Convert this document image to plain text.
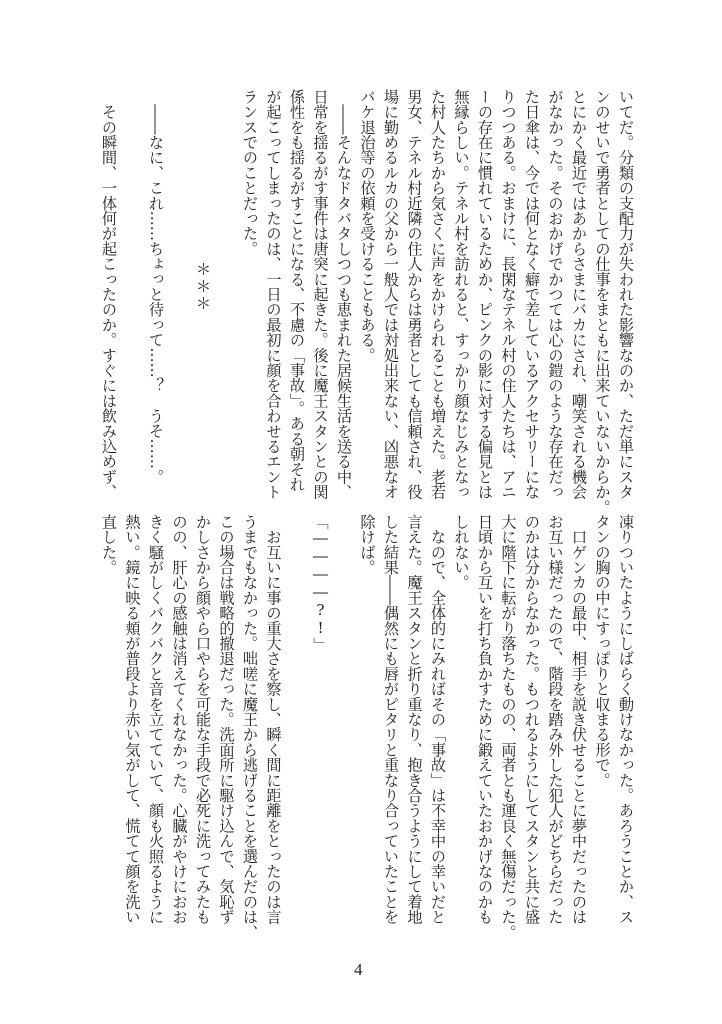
いてだ。分類の支配力が失われた影響なのか、ただ単にスタ
ンのせいで勇者としての仕事をまともに出来ていないからか。
とにかく最近ではあからさまにバカにされ、嘲笑される機会
がなかった。そのおかげでかつては心の鎧のような存在だっ
た日傘は、今では何となく癖で差しているアクセサリーにな
りつつある。おまけに、長閑なテネル村の住人たちは、アニ
ーの存在に慣れているためか、ピンクの影に対する偏見とは
無縁らしい。テネル村を訪れると、すっかり顔なじみとなっ
た村人たちから気さくに声をかけられることも増えた。老若
男女、テネル村近隣の住人からは勇者としても信頼され、役
場に勤めるルカの父から一般人では対処出来ない、凶悪なオ
バケ退治等の依頼を受けることもある。
　――そんなドタバタしつつも恵まれた居候生活を送る中、
日常を揺るがす事件は唐突に起きた。後に魔王スタンとの関
係性をも揺るがすことになる、不慮の「事故」。ある朝それ
が起こってしまったのは、一日の最初に顔を合わせるエント
ランスでのことだった。
＊＊＊
　――なに、これ……ちょっと待って……？　うそ……。
　その瞬間、一体何が起こったのか。すぐには飲み込めず、
凍りついたようにしばらく動けなかった。あろうことか、ス
タンの胸の中にすっぽりと収まる形で。
　口ゲンカの最中、相手を説き伏せることに夢中だったのは
お互い様だったので、階段を踏み外した犯人がどちらだった
のかは分からなかった。もつれるようにしてスタンと共に盛
大に階下に転がり落ちたものの、両者とも運良く無傷だった。
日頃から互いを打ち負かすために鍛えていたおかげなのかも
しれない。
　なので、全体的にみればその「事故」は不幸中の幸いだと
言えた。魔王スタンと折り重なり、抱き合うようにして着地
した結果――偶然にも唇がピタリと重なり合っていたことを
除けば。
「――――?!」
　お互いに事の重大さを察し、瞬く間に距離をとったのは言
うまでもなかった。咄嗟に魔王から逃げることを選んだのは、
この場合は戦略的撤退だった。洗面所に駆け込んで、気恥ず
かしさから顔やら口やらを可能な手段で必死に洗ってみたも
のの、肝心の感触は消えてくれなかった。心臓がやけにおお
きく騒がしくバクバクと音を立てていて、顔も火照るように
熱い。鏡に映る頬が普段より赤い気がして、慌てて顔を洗い
直した。
4
